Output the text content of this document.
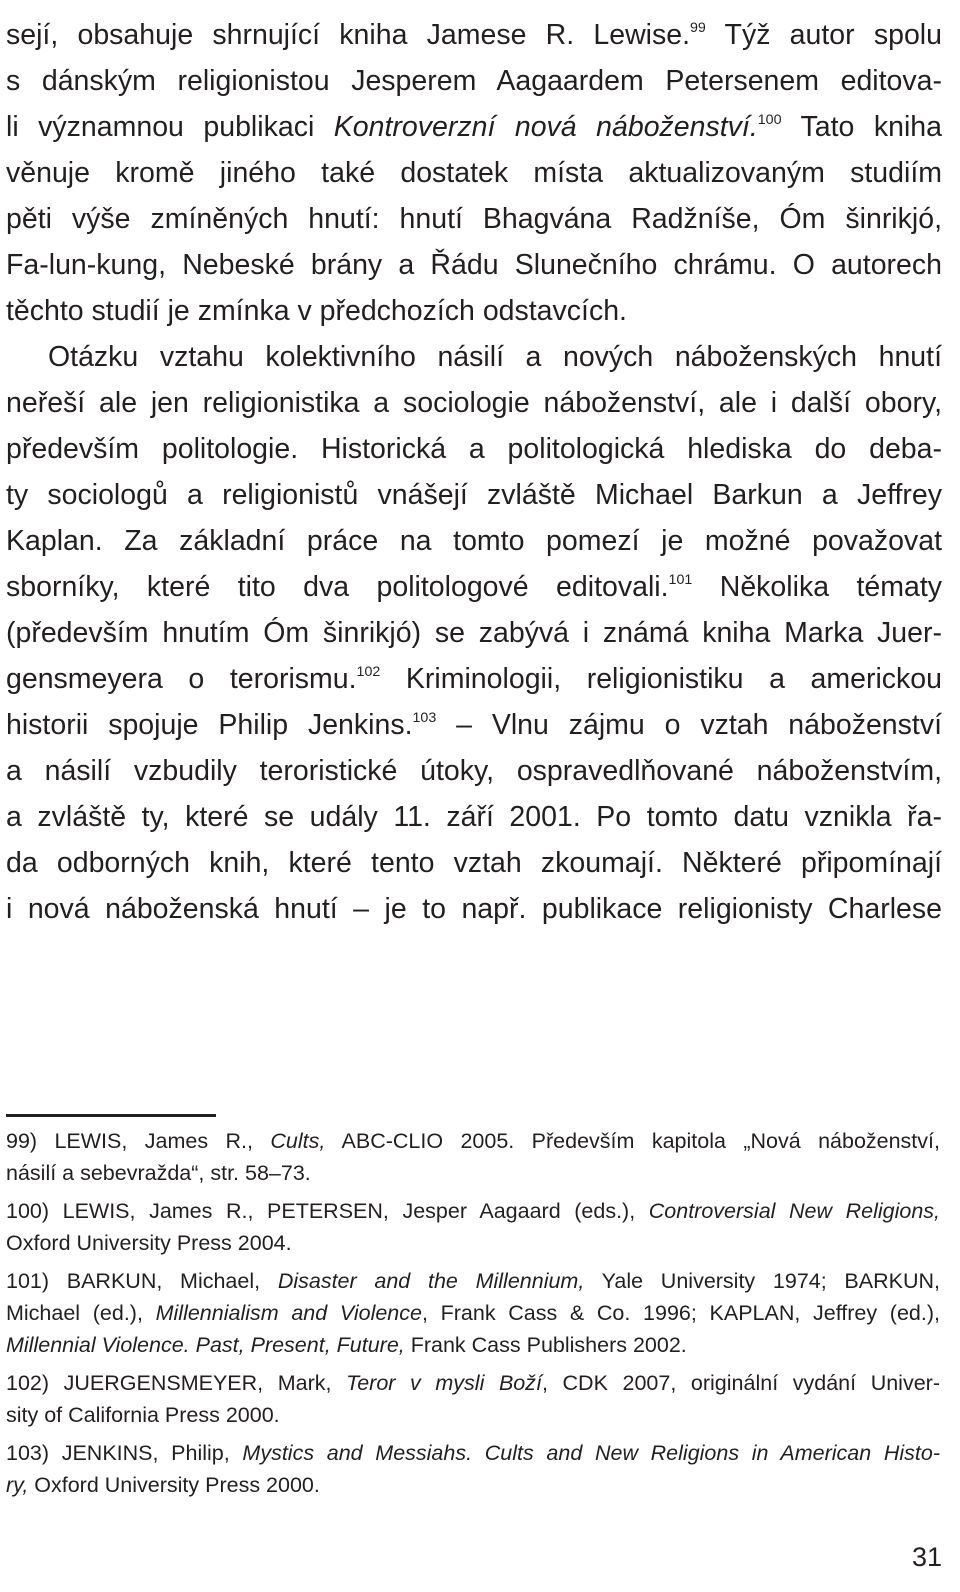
sejí, obsahuje shrnující kniha Jamese R. Lewise.$^{99}$ Týž autor spolu
s dánským religionistou Jesperem Aagaardem Petersenem editova-
li významnou publikaci Kontroverzní nová náboženství.$^{100}$ Tato kniha
věnuje kromě jiného také dostatek místa aktualizovaným studiím
pěti výše zmíněných hnutí: hnutí Bhagvána Radžníše, Óm šinrikjó,
Fa-lun-kung, Nebeské brány a Řádu Slunečního chrámu. O autorech
těchto studií je zmínka v předchozích odstavcích.
Otázku vztahu kolektivního násilí a nových náboženských hnutí
neřeší ale jen religionistika a sociologie náboženství, ale i další obory,
především politologie. Historická a politologická hlediska do deba-
ty sociologů a religionistů vnášejí zvláště Michael Barkun a Jeffrey
Kaplan. Za základní práce na tomto pomezí je možné považovat
sborníky, které tito dva politologové editovali.$^{101}$ Několika tématy
(především hnutím Óm šinrikjó) se zabývá i známá kniha Marka Juer-
gensmeyera o terorismu.$^{102}$ Kriminologii, religionistiku a americkou
historii spojuje Philip Jenkins.$^{103}$ – Vlnu zájmu o vztah náboženství
a násilí vzbudily teroristické útoky, ospravedlňované náboženstvím,
a zvláště ty, které se udály 11. září 2001. Po tomto datu vznikla řa-
da odborných knih, které tento vztah zkoumají. Některé připomínají
i nová náboženská hnutí – je to např. publikace religionisty Charlese
99) LEWIS, James R., Cults, ABC-CLIO 2005. Především kapitola „Nová náboženství,
násilí a sebevražda“, str. 58–73.
100) LEWIS, James R., PETERSEN, Jesper Aagaard (eds.), Controversial New Religions,
Oxford University Press 2004.
101) BARKUN, Michael, Disaster and the Millennium, Yale University 1974; BARKUN,
Michael (ed.), Millennialism and Violence, Frank Cass & Co. 1996; KAPLAN, Jeffrey (ed.),
Millennial Violence. Past, Present, Future, Frank Cass Publishers 2002.
102) JUERGENSMEYER, Mark, Teror v mysli Boží, CDK 2007, originální vydání Univer-
sity of California Press 2000.
103) JENKINS, Philip, Mystics and Messiahs. Cults and New Religions in American Histo-
ry, Oxford University Press 2000.
31
